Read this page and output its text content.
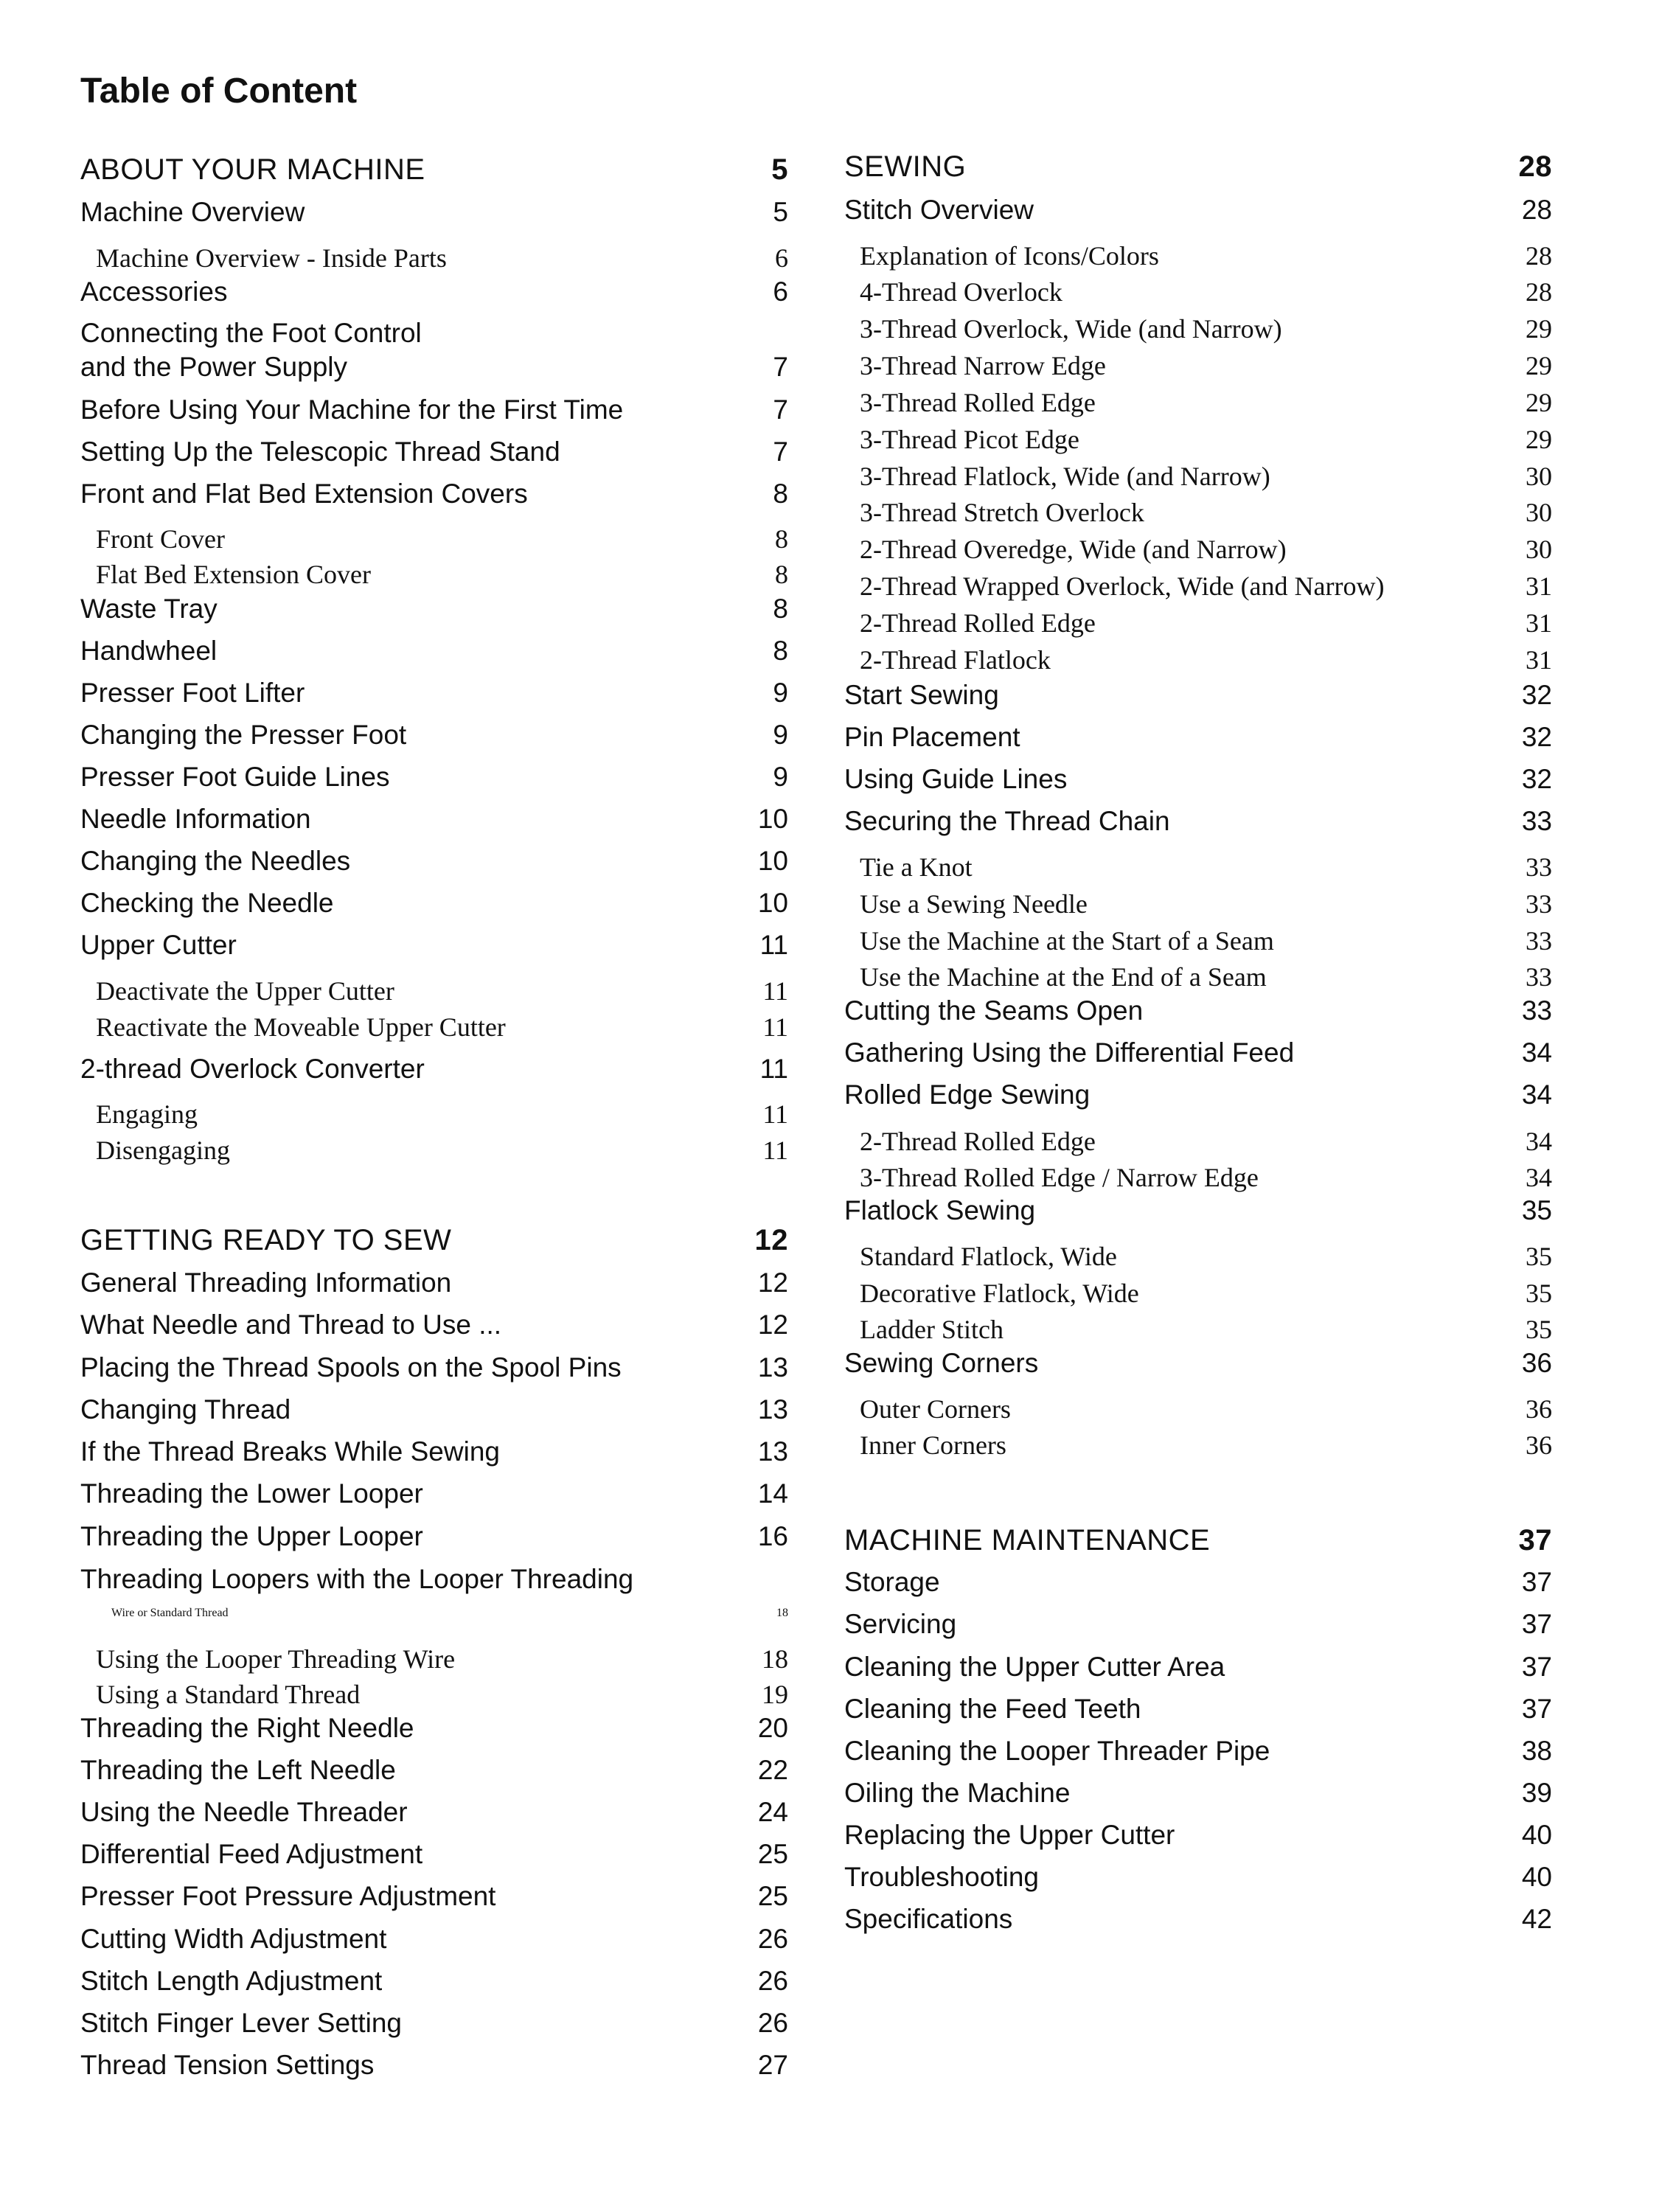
Table of Content
ABOUT YOUR MACHINE	5
Machine Overview	5
Machine Overview - Inside Parts	6
Accessories	6
Connecting the Foot Control
and the Power Supply	7
Before Using Your Machine for the First Time	7
Setting Up the Telescopic Thread Stand	7
Front and Flat Bed Extension Covers	8
Front Cover	8
Flat Bed Extension Cover	8
Waste Tray	8
Handwheel	8
Presser Foot Lifter	9
Changing the Presser Foot	9
Presser Foot Guide Lines	9
Needle Information	10
Changing the Needles	10
Checking the Needle	10
Upper Cutter	11
Deactivate the Upper Cutter	11
Reactivate the Moveable Upper Cutter	11
2-thread Overlock Converter	11
Engaging	11
Disengaging	11
GETTING READY TO SEW	12
General Threading Information	12
What Needle and Thread to Use ...	12
Placing the Thread Spools on the Spool Pins	13
Changing Thread	13
If the Thread Breaks While Sewing	13
Threading the Lower Looper	14
Threading the Upper Looper	16
Threading Loopers with the Looper Threading
Wire or Standard Thread	18
Using the Looper Threading Wire	18
Using a Standard Thread	19
Threading the Right Needle	20
Threading the Left Needle	22
Using the Needle Threader	24
Differential Feed Adjustment	25
Presser Foot Pressure Adjustment	25
Cutting Width Adjustment	26
Stitch Length Adjustment	26
Stitch Finger Lever Setting	26
Thread Tension Settings	27
SEWING	28
Stitch Overview	28
Explanation of Icons/Colors	28
4-Thread Overlock	28
3-Thread Overlock, Wide (and Narrow)	29
3-Thread Narrow Edge	29
3-Thread Rolled Edge	29
3-Thread Picot Edge	29
3-Thread Flatlock, Wide (and Narrow)	30
3-Thread Stretch Overlock	30
2-Thread Overedge, Wide (and Narrow)	30
2-Thread Wrapped Overlock, Wide (and Narrow)	31
2-Thread Rolled Edge	31
2-Thread Flatlock	31
Start Sewing	32
Pin Placement	32
Using Guide Lines	32
Securing the Thread Chain	33
Tie a Knot	33
Use a Sewing Needle	33
Use the Machine at the Start of a Seam	33
Use the Machine at the End of a Seam	33
Cutting the Seams Open	33
Gathering Using the Differential Feed	34
Rolled Edge Sewing	34
2-Thread Rolled Edge	34
3-Thread Rolled Edge / Narrow Edge	34
Flatlock Sewing	35
Standard Flatlock, Wide	35
Decorative Flatlock, Wide	35
Ladder Stitch	35
Sewing Corners	36
Outer Corners	36
Inner Corners	36
MACHINE MAINTENANCE	37
Storage	37
Servicing	37
Cleaning the Upper Cutter Area	37
Cleaning the Feed Teeth	37
Cleaning the Looper Threader Pipe	38
Oiling the Machine	39
Replacing the Upper Cutter	40
Troubleshooting	40
Specifications	42
